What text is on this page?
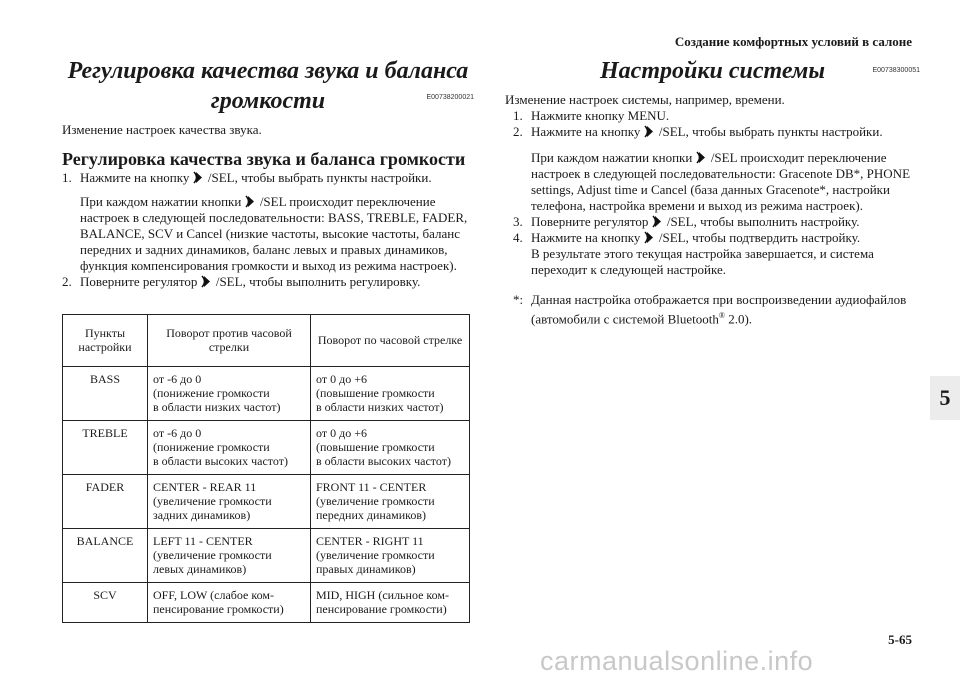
Создание комфортных условий в салоне
Регулировка качества звука и баланса
громкости	E00738200021
Изменение настроек качества звука.
Регулировка качества звука и баланса громкости
1. Нажмите на кнопку /SEL, чтобы выбрать пункты настройки.
При каждом нажатии кнопки /SEL происходит переключение настроек в следующей последовательности: BASS, TREBLE, FADER, BALANCE, SCV и Cancel (низкие частоты, высокие частоты, баланс передних и задних динамиков, баланс левых и правых динамиков, функция компенсирования громкости и выход из режима настроек).
2. Поверните регулятор /SEL, чтобы выполнить регулировку.
Пункты настройки	Поворот против часовой стрелки	Поворот по часовой стрелке
BASS	от -6 до 0
(понижение громкости
в области низких частот)	от 0 до +6
(повышение громкости
в области низких частот)

TREBLE	от -6 до 0
(понижение громкости
в области высоких частот)	от 0 до +6
(повышение громкости
в области высоких частот)

FADER	CENTER - REAR 11
(увеличение громкости
задних динамиков)	FRONT 11 - CENTER
(увеличение громкости
передних динамиков)

BALANCE	LEFT 11 - CENTER
(увеличение громкости
левых динамиков)	CENTER - RIGHT 11
(увеличение громкости
правых динамиков)

SCV	OFF, LOW (слабое ком-
пенсирование громкости)	MID, HIGH (сильное ком-
пенсирование громкости)
Настройки системы	E00738300051
Изменение настроек системы, например, времени.
1. Нажмите кнопку MENU.
2. Нажмите на кнопку /SEL, чтобы выбрать пункты настройки.
При каждом нажатии кнопки /SEL происходит переключение настроек в следующей последовательности: Gracenote DB*, PHONE settings, Adjust time и Cancel (база данных Gracenote*, настройки телефона, настройка времени и выход из режима настроек).
3. Поверните регулятор /SEL, чтобы выполнить настройку.
4. Нажмите на кнопку /SEL, чтобы подтвердить настройку.
В результате этого текущая настройка завершается, и система переходит к следующей настройке.
*: Данная настройка отображается при воспроизведении аудиофайлов (автомобили с системой Bluetooth® 2.0).
5
5-65
carmanualsonline.info
